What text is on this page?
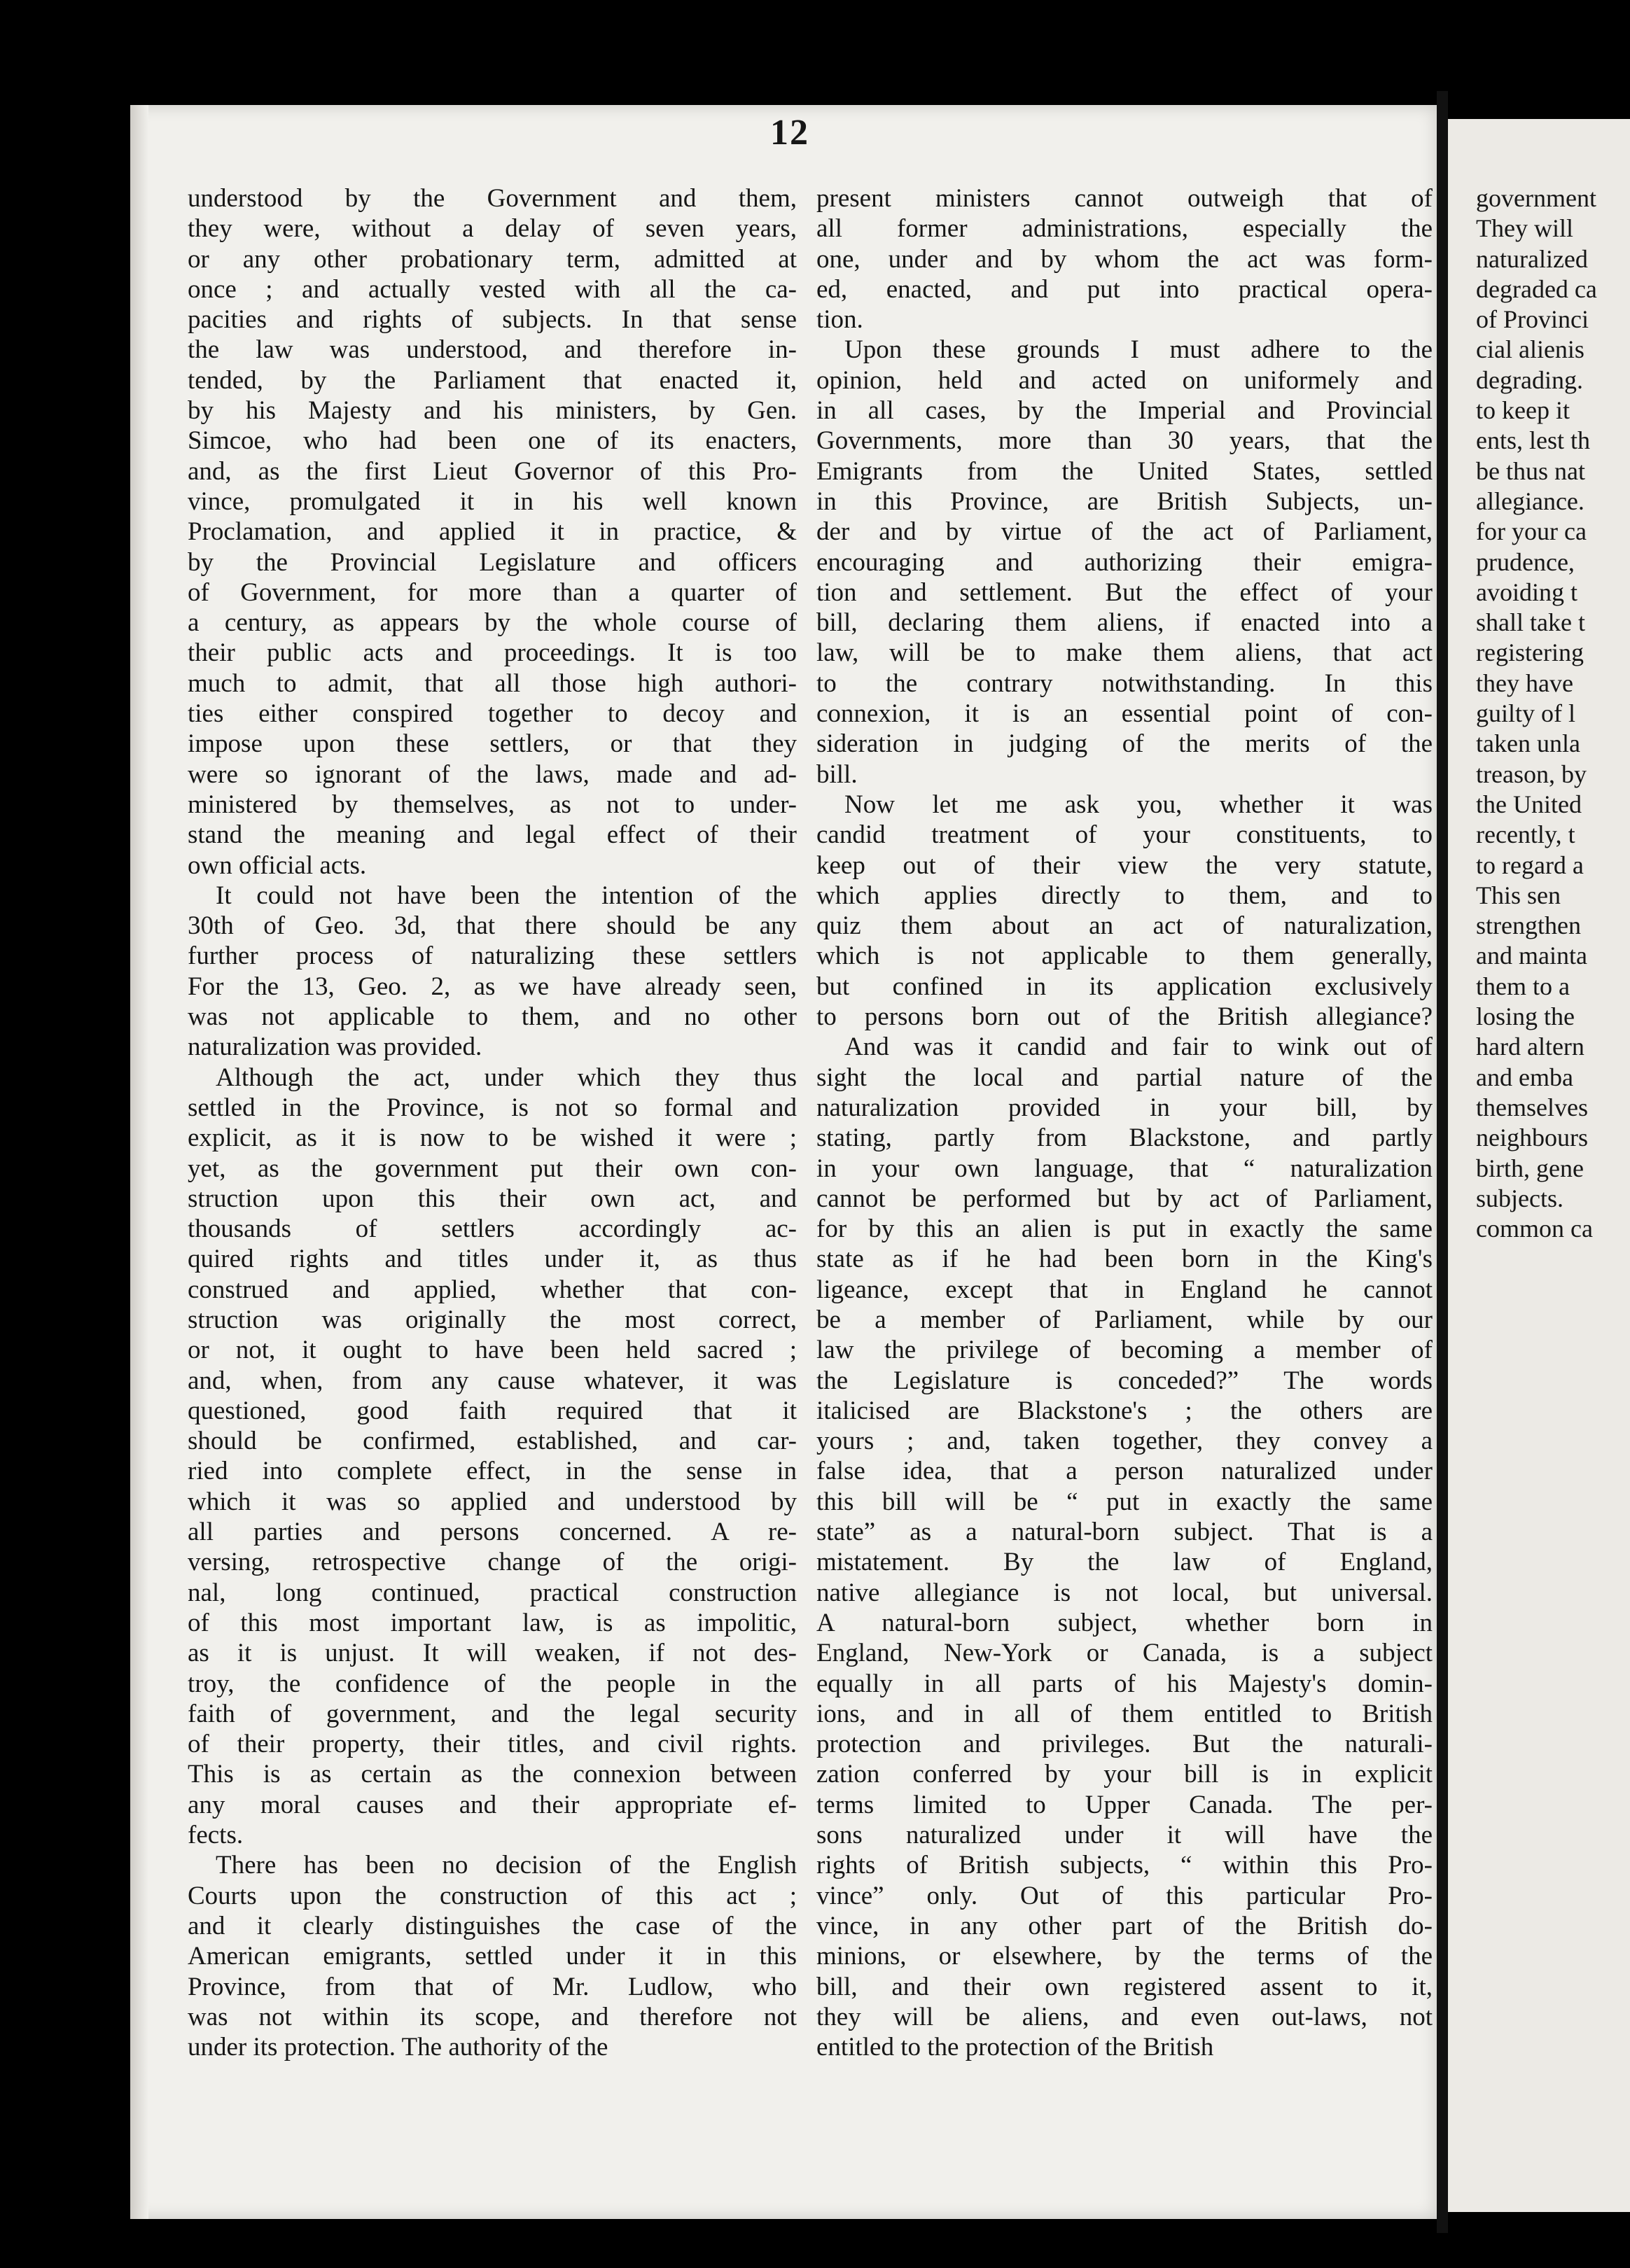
government
They will
naturalized
degraded ca
of Provinci
cial alienis
degrading.
to keep it
ents, lest th
be thus nat
allegiance.
for your ca
prudence,
avoiding t
shall take t
registering
they have
guilty of l
taken unla
treason, by
the United
recently, t
to regard a
This sen
strengthen
and mainta
them to a
losing the
hard altern
and emba
themselves
neighbours
birth, gene
subjects.
common ca
12
understood by the Government and them,
they were, without a delay of seven years,
or any other probationary term, admitted at
once ; and actually vested with all the ca-
pacities and rights of subjects. In that sense
the law was understood, and therefore in-
tended, by the Parliament that enacted it,
by his Majesty and his ministers, by Gen.
Simcoe, who had been one of its enacters,
and, as the first Lieut Governor of this Pro-
vince, promulgated it in his well known
Proclamation, and applied it in practice, &
by the Provincial Legislature and officers
of Government, for more than a quarter of
a century, as appears by the whole course of
their public acts and proceedings. It is too
much to admit, that all those high authori-
ties either conspired together to decoy and
impose upon these settlers, or that they
were so ignorant of the laws, made and ad-
ministered by themselves, as not to under-
stand the meaning and legal effect of their
own official acts.
It could not have been the intention of the
30th of Geo. 3d, that there should be any
further process of naturalizing these settlers
For the 13, Geo. 2, as we have already seen,
was not applicable to them, and no other
naturalization was provided.
Although the act, under which they thus
settled in the Province, is not so formal and
explicit, as it is now to be wished it were ;
yet, as the government put their own con-
struction upon this their own act, and
thousands of settlers accordingly ac-
quired rights and titles under it, as thus
construed and applied, whether that con-
struction was originally the most correct,
or not, it ought to have been held sacred ;
and, when, from any cause whatever, it was
questioned, good faith required that it
should be confirmed, established, and car-
ried into complete effect, in the sense in
which it was so applied and understood by
all parties and persons concerned. A re-
versing, retrospective change of the origi-
nal, long continued, practical construction
of this most important law, is as impolitic,
as it is unjust. It will weaken, if not des-
troy, the confidence of the people in the
faith of government, and the legal security
of their property, their titles, and civil rights.
This is as certain as the connexion between
any moral causes and their appropriate ef-
fects.
There has been no decision of the English
Courts upon the construction of this act ;
and it clearly distinguishes the case of the
American emigrants, settled under it in this
Province, from that of Mr. Ludlow, who
was not within its scope, and therefore not
under its protection. The authority of the
present ministers cannot outweigh that of
all former administrations, especially the
one, under and by whom the act was form-
ed, enacted, and put into practical opera-
tion.
Upon these grounds I must adhere to the
opinion, held and acted on uniformely and
in all cases, by the Imperial and Provincial
Governments, more than 30 years, that the
Emigrants from the United States, settled
in this Province, are British Subjects, un-
der and by virtue of the act of Parliament,
encouraging and authorizing their emigra-
tion and settlement. But the effect of your
bill, declaring them aliens, if enacted into a
law, will be to make them aliens, that act
to the contrary notwithstanding. In this
connexion, it is an essential point of con-
sideration in judging of the merits of the
bill.
Now let me ask you, whether it was
candid treatment of your constituents, to
keep out of their view the very statute,
which applies directly to them, and to
quiz them about an act of naturalization,
which is not applicable to them generally,
but confined in its application exclusively
to persons born out of the British allegiance?
And was it candid and fair to wink out of
sight the local and partial nature of the
naturalization provided in your bill, by
stating, partly from Blackstone, and partly
in your own language, that “ naturalization
cannot be performed but by act of Parliament,
for by this an alien is put in exactly the same
state as if he had been born in the King's
ligeance, except that in England he cannot
be a member of Parliament, while by our
law the privilege of becoming a member of
the Legislature is conceded?” The words
italicised are Blackstone's ; the others are
yours ; and, taken together, they convey a
false idea, that a person naturalized under
this bill will be “ put in exactly the same
state” as a natural-born subject. That is a
mistatement. By the law of England,
native allegiance is not local, but universal.
A natural-born subject, whether born in
England, New-York or Canada, is a subject
equally in all parts of his Majesty's domin-
ions, and in all of them entitled to British
protection and privileges. But the naturali-
zation conferred by your bill is in explicit
terms limited to Upper Canada. The per-
sons naturalized under it will have the
rights of British subjects, “ within this Pro-
vince” only. Out of this particular Pro-
vince, in any other part of the British do-
minions, or elsewhere, by the terms of the
bill, and their own registered assent to it,
they will be aliens, and even out-laws, not
entitled to the protection of the British
